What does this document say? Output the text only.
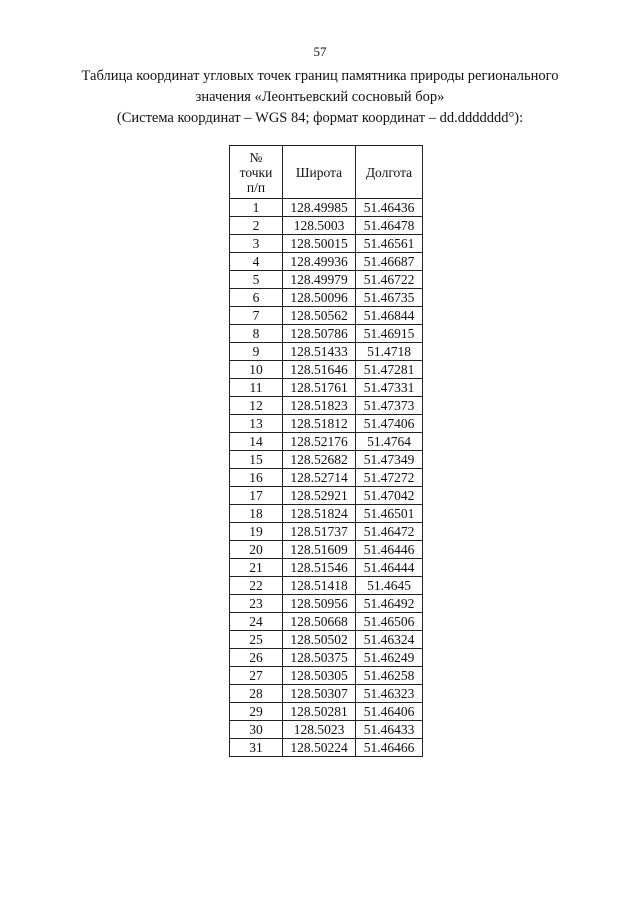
57
Таблица координат угловых точек границ памятника природы регионального
значения «Леонтьевский сосновый бор»
(Система координат – WGS 84; формат координат – dd.ddddddd°):
№
точки
п/п	Широта	Долгота
1	128.49985	51.46436
2	128.5003	51.46478
3	128.50015	51.46561
4	128.49936	51.46687
5	128.49979	51.46722
6	128.50096	51.46735
7	128.50562	51.46844
8	128.50786	51.46915
9	128.51433	51.4718
10	128.51646	51.47281
11	128.51761	51.47331
12	128.51823	51.47373
13	128.51812	51.47406
14	128.52176	51.4764
15	128.52682	51.47349
16	128.52714	51.47272
17	128.52921	51.47042
18	128.51824	51.46501
19	128.51737	51.46472
20	128.51609	51.46446
21	128.51546	51.46444
22	128.51418	51.4645
23	128.50956	51.46492
24	128.50668	51.46506
25	128.50502	51.46324
26	128.50375	51.46249
27	128.50305	51.46258
28	128.50307	51.46323
29	128.50281	51.46406
30	128.5023	51.46433
31	128.50224	51.46466
